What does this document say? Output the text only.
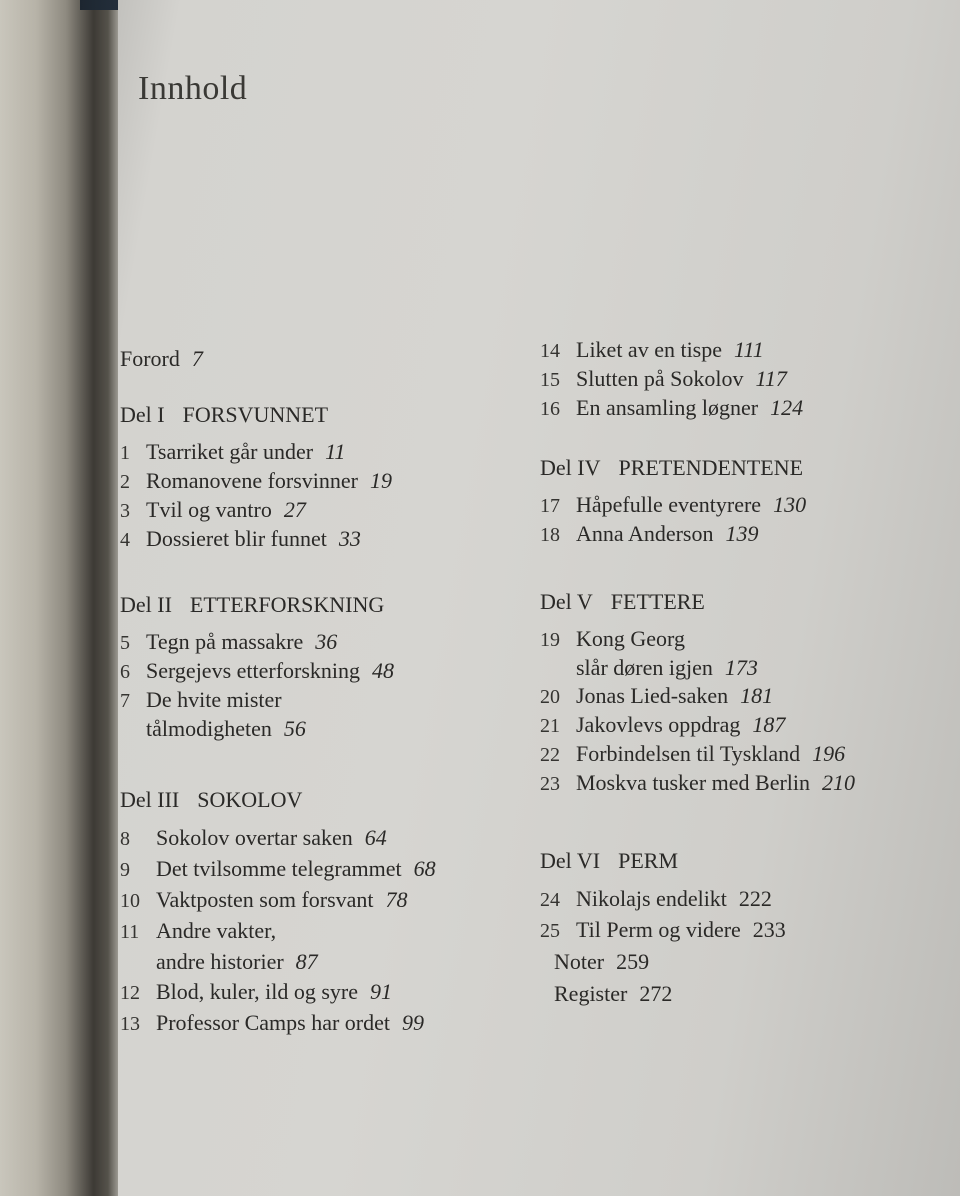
Innhold
Forord 7
Del I FORSVUNNET
1 Tsarriket går under 11
2 Romanovene forsvinner 19
3 Tvil og vantro 27
4 Dossieret blir funnet 33
Del II ETTERFORSKNING
5 Tegn på massakre 36
6 Sergejevs etterforskning 48
7 De hvite mister
tålmodigheten 56
Del III SOKOLOV
8 Sokolov overtar saken 64
9 Det tvilsomme telegrammet 68
10 Vaktposten som forsvant 78
11 Andre vakter,
andre historier 87
12 Blod, kuler, ild og syre 91
13 Professor Camps har ordet 99
14 Liket av en tispe 111
15 Slutten på Sokolov 117
16 En ansamling løgner 124
Del IV PRETENDENTENE
17 Håpefulle eventyrere 130
18 Anna Anderson 139
Del V FETTERE
19 Kong Georg
slår døren igjen 173
20 Jonas Lied-saken 181
21 Jakovlevs oppdrag 187
22 Forbindelsen til Tyskland 196
23 Moskva tusker med Berlin 210
Del VI PERM
24 Nikolajs endelikt 222
25 Til Perm og videre 233
Noter 259
Register 272
